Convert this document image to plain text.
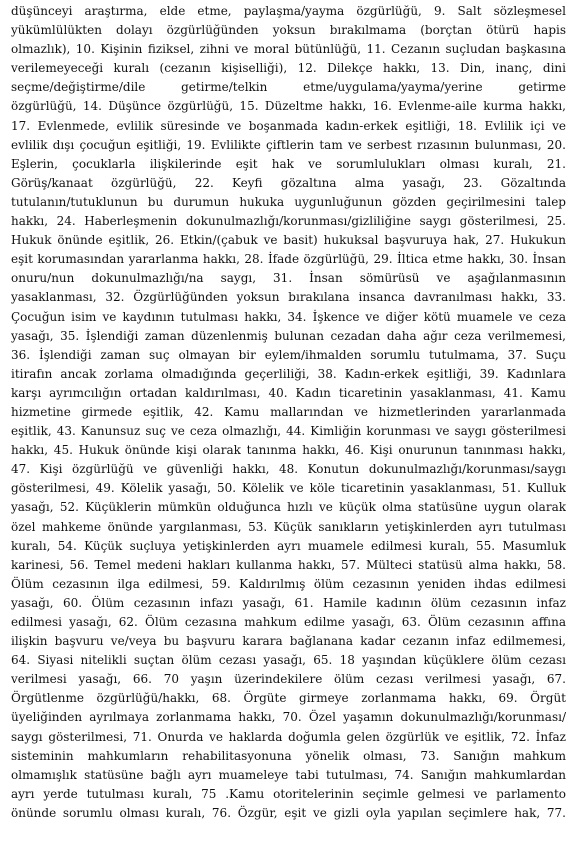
düşünceyi araştırma, elde etme, paylaşma/yayma özgürlüğü, 9. Salt sözleşmesel
yükümlülükten dolayı özgürlüğünden yoksun bırakılmama (borçtan ötürü hapis
olmazlık), 10. Kişinin fiziksel, zihni ve moral bütünlüğü, 11. Cezanın suçludan başkasına
verilemeyeceği kuralı (cezanın kişiselliği), 12. Dilekçe hakkı, 13. Din, inanç, dini
seçme/değiştirme/dile getirme/telkin etme/uygulama/yayma/yerine getirme
özgürlüğü, 14. Düşünce özgürlüğü, 15. Düzeltme hakkı, 16. Evlenme-aile kurma hakkı,
17. Evlenmede, evlilik süresinde ve boşanmada kadın-erkek eşitliği, 18. Evlilik içi ve
evlilik dışı çocuğun eşitliği, 19. Evlilikte çiftlerin tam ve serbest rızasının bulunması, 20.
Eşlerin, çocuklarla ilişkilerinde eşit hak ve sorumlulukları olması kuralı, 21.
Görüş/kanaat özgürlüğü, 22. Keyfi gözaltına alma yasağı, 23. Gözaltında
tutulanın/tutuklunun bu durumun hukuka uygunluğunun gözden geçirilmesini talep
hakkı, 24. Haberleşmenin dokunulmazlığı/korunması/gizliliğine saygı gösterilmesi, 25.
Hukuk önünde eşitlik, 26. Etkin/(çabuk ve basit) hukuksal başvuruya hak, 27. Hukukun
eşit korumasından yararlanma hakkı, 28. İfade özgürlüğü, 29. İltica etme hakkı, 30. İnsan
onuru/nun dokunulmazlığı/na saygı, 31. İnsan sömürüsü ve aşağılanmasının
yasaklanması, 32. Özgürlüğünden yoksun bırakılana insanca davranılması hakkı, 33.
Çocuğun isim ve kaydının tutulması hakkı, 34. İşkence ve diğer kötü muamele ve ceza
yasağı, 35. İşlendiği zaman düzenlenmiş bulunan cezadan daha ağır ceza verilmemesi,
36. İşlendiği zaman suç olmayan bir eylem/ihmalden sorumlu tutulmama, 37. Suçu
itirafın ancak zorlama olmadığında geçerliliği, 38. Kadın-erkek eşitliği, 39. Kadınlara
karşı ayrımcılığın ortadan kaldırılması, 40. Kadın ticaretinin yasaklanması, 41. Kamu
hizmetine girmede eşitlik, 42. Kamu mallarından ve hizmetlerinden yararlanmada
eşitlik, 43. Kanunsuz suç ve ceza olmazlığı, 44. Kimliğin korunması ve saygı gösterilmesi
hakkı, 45. Hukuk önünde kişi olarak tanınma hakkı, 46. Kişi onurunun tanınması hakkı,
47. Kişi özgürlüğü ve güvenliği hakkı, 48. Konutun dokunulmazlığı/korunması/saygı
gösterilmesi, 49. Kölelik yasağı, 50. Kölelik ve köle ticaretinin yasaklanması, 51. Kulluk
yasağı, 52. Küçüklerin mümkün olduğunca hızlı ve küçük olma statüsüne uygun olarak
özel mahkeme önünde yargılanması, 53. Küçük sanıkların yetişkinlerden ayrı tutulması
kuralı, 54. Küçük suçluya yetişkinlerden ayrı muamele edilmesi kuralı, 55. Masumluk
karinesi, 56. Temel medeni hakları kullanma hakkı, 57. Mülteci statüsü alma hakkı, 58.
Ölüm cezasının ilga edilmesi, 59. Kaldırılmış ölüm cezasının yeniden ihdas edilmesi
yasağı, 60. Ölüm cezasının infazı yasağı, 61. Hamile kadının ölüm cezasının infaz
edilmesi yasağı, 62. Ölüm cezasına mahkum edilme yasağı, 63. Ölüm cezasının affına
ilişkin başvuru ve/veya bu başvuru karara bağlanana kadar cezanın infaz edilmemesi,
64. Siyasi nitelikli suçtan ölüm cezası yasağı, 65. 18 yaşından küçüklere ölüm cezası
verilmesi yasağı, 66. 70 yaşın üzerindekilere ölüm cezası verilmesi yasağı, 67.
Örgütlenme özgürlüğü/hakkı, 68. Örgüte girmeye zorlanmama hakkı, 69. Örgüt
üyeliğinden ayrılmaya zorlanmama hakkı, 70. Özel yaşamın dokunulmazlığı/korunması/
saygı gösterilmesi, 71. Onurda ve haklarda doğumla gelen özgürlük ve eşitlik, 72. İnfaz
sisteminin mahkumların rehabilitasyonuna yönelik olması, 73. Sanığın mahkum
olmamışlık statüsüne bağlı ayrı muameleye tabi tutulması, 74. Sanığın mahkumlardan
ayrı yerde tutulması kuralı, 75 .Kamu otoritelerinin seçimle gelmesi ve parlamento
önünde sorumlu olması kuralı, 76. Özgür, eşit ve gizli oyla yapılan seçimlere hak, 77.
